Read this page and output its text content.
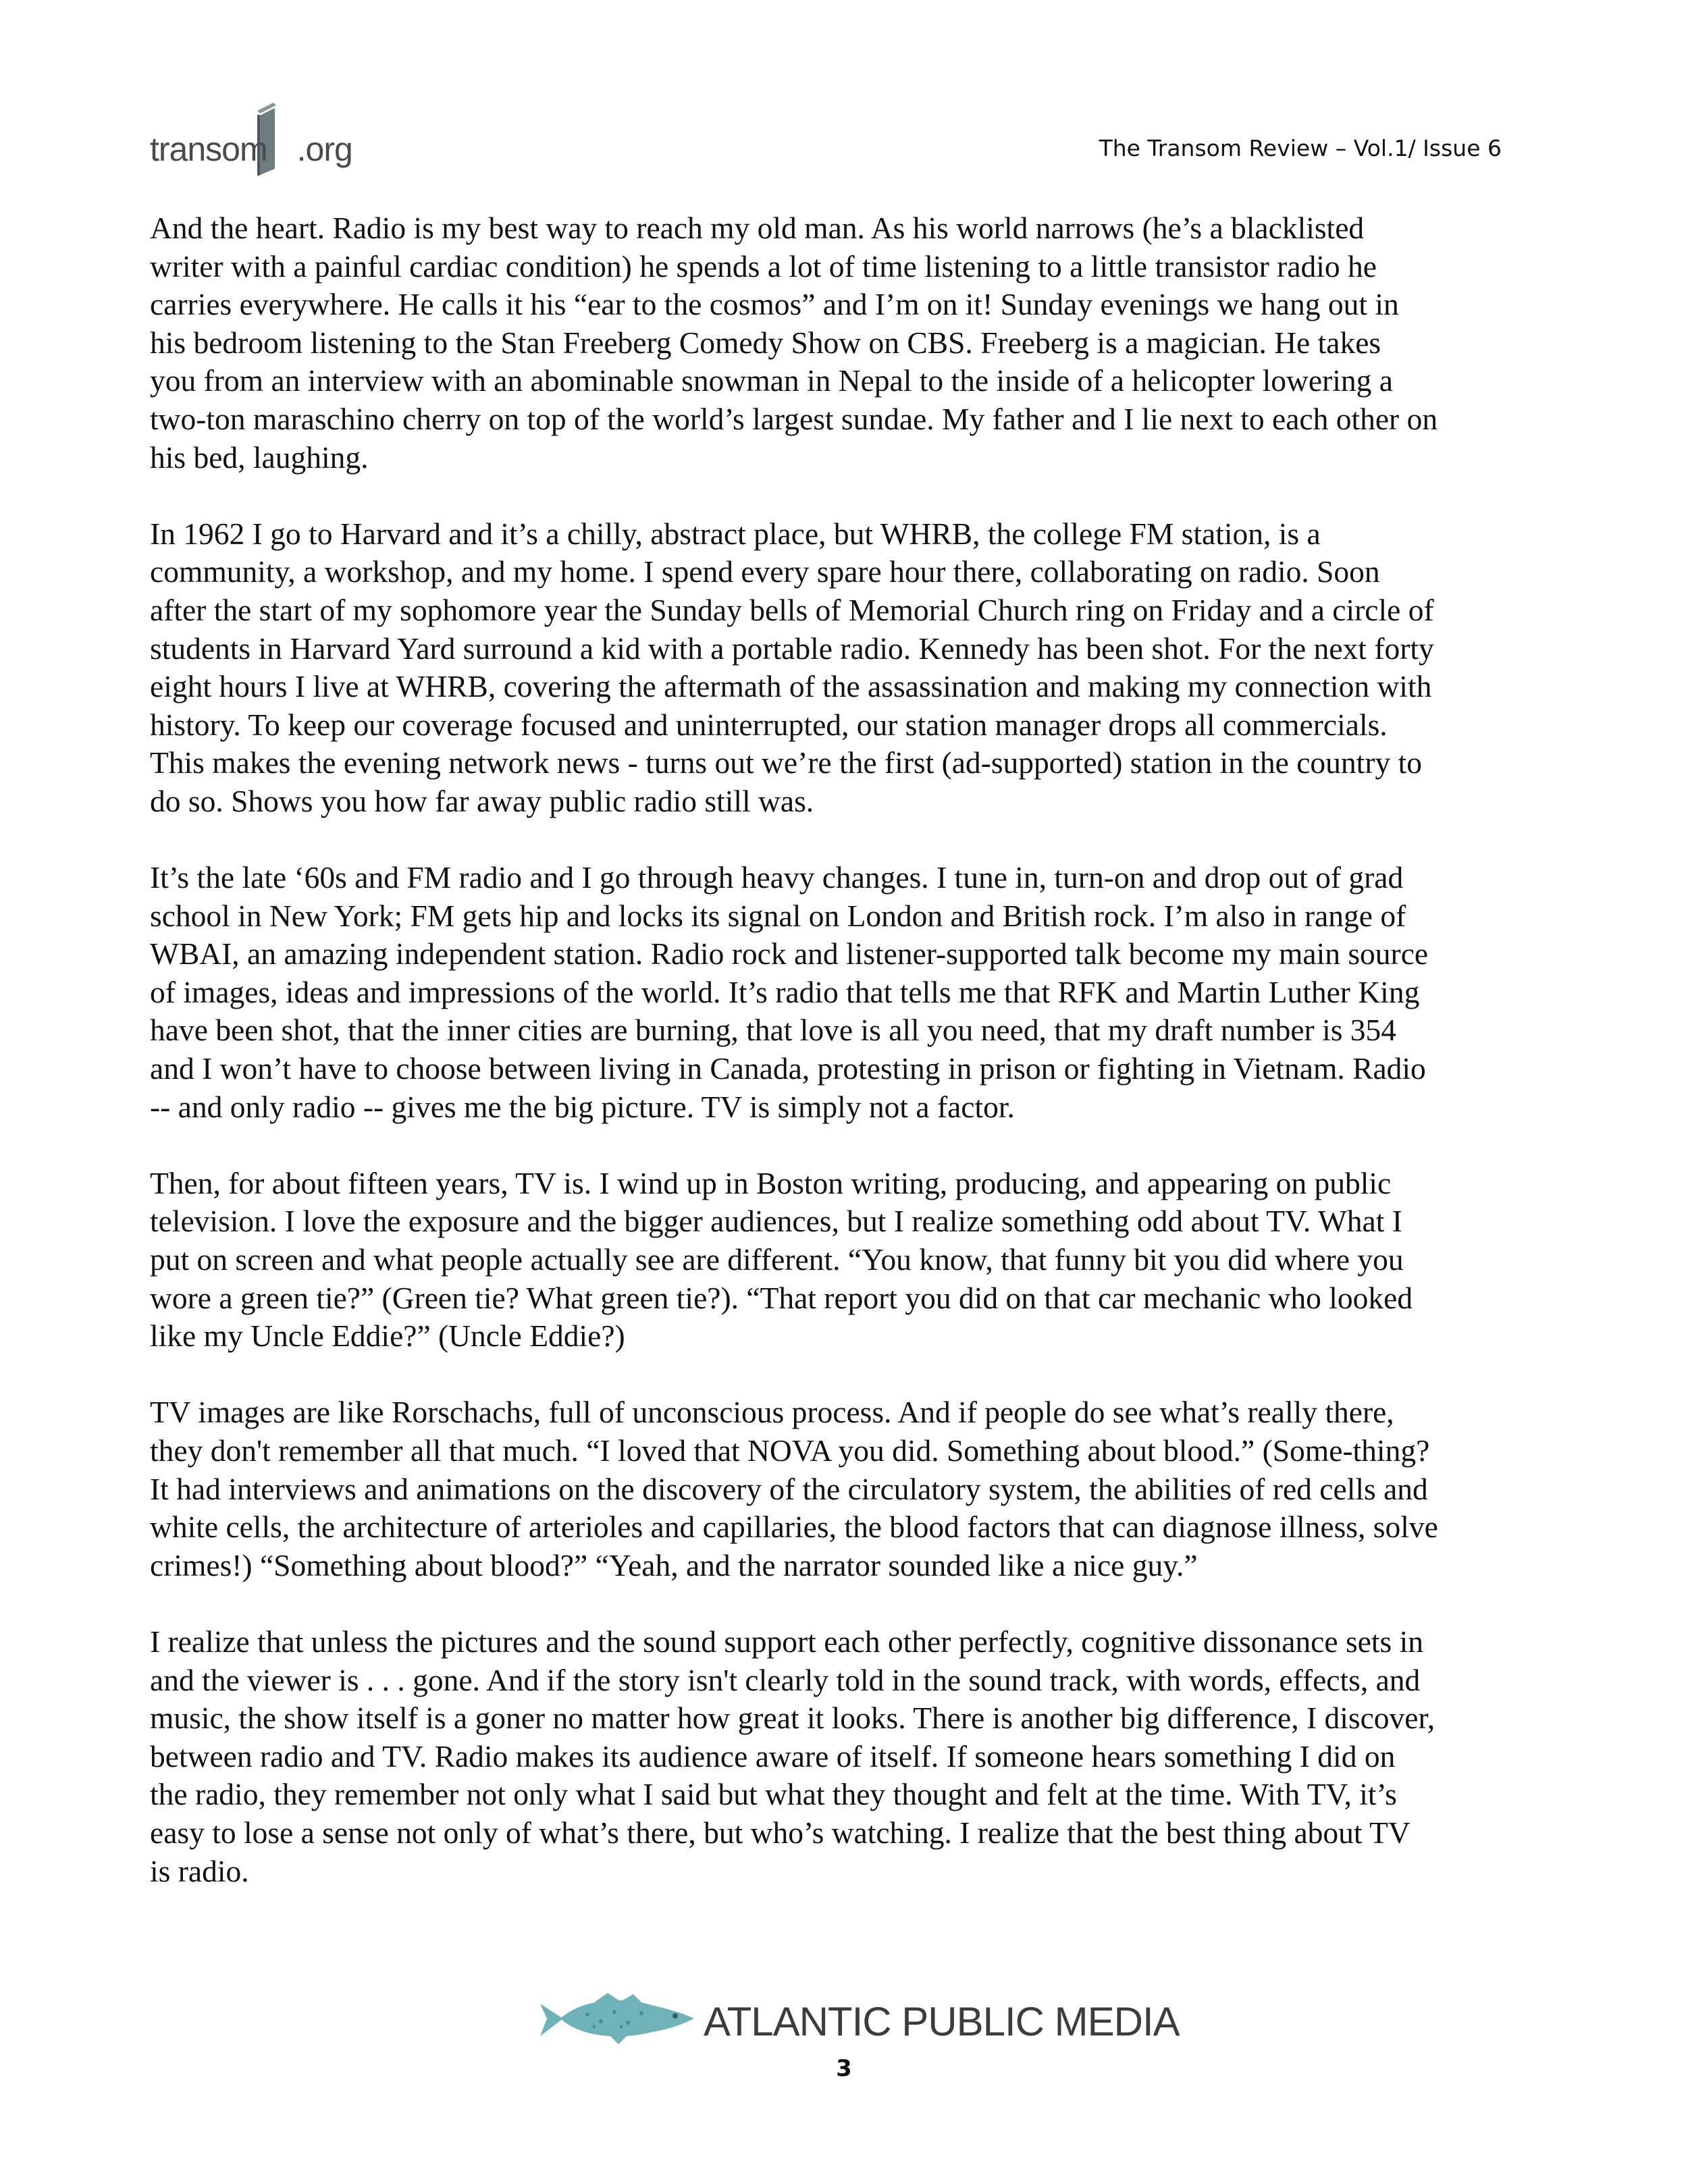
transom .org	The Transom Review – Vol.1/ Issue 6

And the heart. Radio is my best way to reach my old man. As his world narrows (he’s a blacklisted
writer with a painful cardiac condition) he spends a lot of time listening to a little transistor radio he
carries everywhere. He calls it his “ear to the cosmos” and I’m on it! Sunday evenings we hang out in
his bedroom listening to the Stan Freeberg Comedy Show on CBS. Freeberg is a magician. He takes
you from an interview with an abominable snowman in Nepal to the inside of a helicopter lowering a
two-ton maraschino cherry on top of the world’s largest sundae. My father and I lie next to each other on
his bed, laughing.

In 1962 I go to Harvard and it’s a chilly, abstract place, but WHRB, the college FM station, is a
community, a workshop, and my home. I spend every spare hour there, collaborating on radio. Soon
after the start of my sophomore year the Sunday bells of Memorial Church ring on Friday and a circle of
students in Harvard Yard surround a kid with a portable radio. Kennedy has been shot. For the next forty
eight hours I live at WHRB, covering the aftermath of the assassination and making my connection with
history. To keep our coverage focused and uninterrupted, our station manager drops all commercials.
This makes the evening network news - turns out we’re the first (ad-supported) station in the country to
do so. Shows you how far away public radio still was.

It’s the late ‘60s and FM radio and I go through heavy changes. I tune in, turn-on and drop out of grad
school in New York; FM gets hip and locks its signal on London and British rock. I’m also in range of
WBAI, an amazing independent station. Radio rock and listener-supported talk become my main source
of images, ideas and impressions of the world. It’s radio that tells me that RFK and Martin Luther King
have been shot, that the inner cities are burning, that love is all you need, that my draft number is 354
and I won’t have to choose between living in Canada, protesting in prison or fighting in Vietnam. Radio
-- and only radio -- gives me the big picture. TV is simply not a factor.

Then, for about fifteen years, TV is. I wind up in Boston writing, producing, and appearing on public
television. I love the exposure and the bigger audiences, but I realize something odd about TV. What I
put on screen and what people actually see are different. “You know, that funny bit you did where you
wore a green tie?” (Green tie? What green tie?). “That report you did on that car mechanic who looked
like my Uncle Eddie?” (Uncle Eddie?)

TV images are like Rorschachs, full of unconscious process. And if people do see what’s really there,
they don't remember all that much. “I loved that NOVA you did. Something about blood.” (Some-thing?
It had interviews and animations on the discovery of the circulatory system, the abilities of red cells and
white cells, the architecture of arterioles and capillaries, the blood factors that can diagnose illness, solve
crimes!) “Something about blood?” “Yeah, and the narrator sounded like a nice guy.”

I realize that unless the pictures and the sound support each other perfectly, cognitive dissonance sets in
and the viewer is . . . gone. And if the story isn't clearly told in the sound track, with words, effects, and
music, the show itself is a goner no matter how great it looks. There is another big difference, I discover,
between radio and TV. Radio makes its audience aware of itself. If someone hears something I did on
the radio, they remember not only what I said but what they thought and felt at the time. With TV, it’s
easy to lose a sense not only of what’s there, but who’s watching. I realize that the best thing about TV
is radio.

ATLANTIC PUBLIC MEDIA
3
